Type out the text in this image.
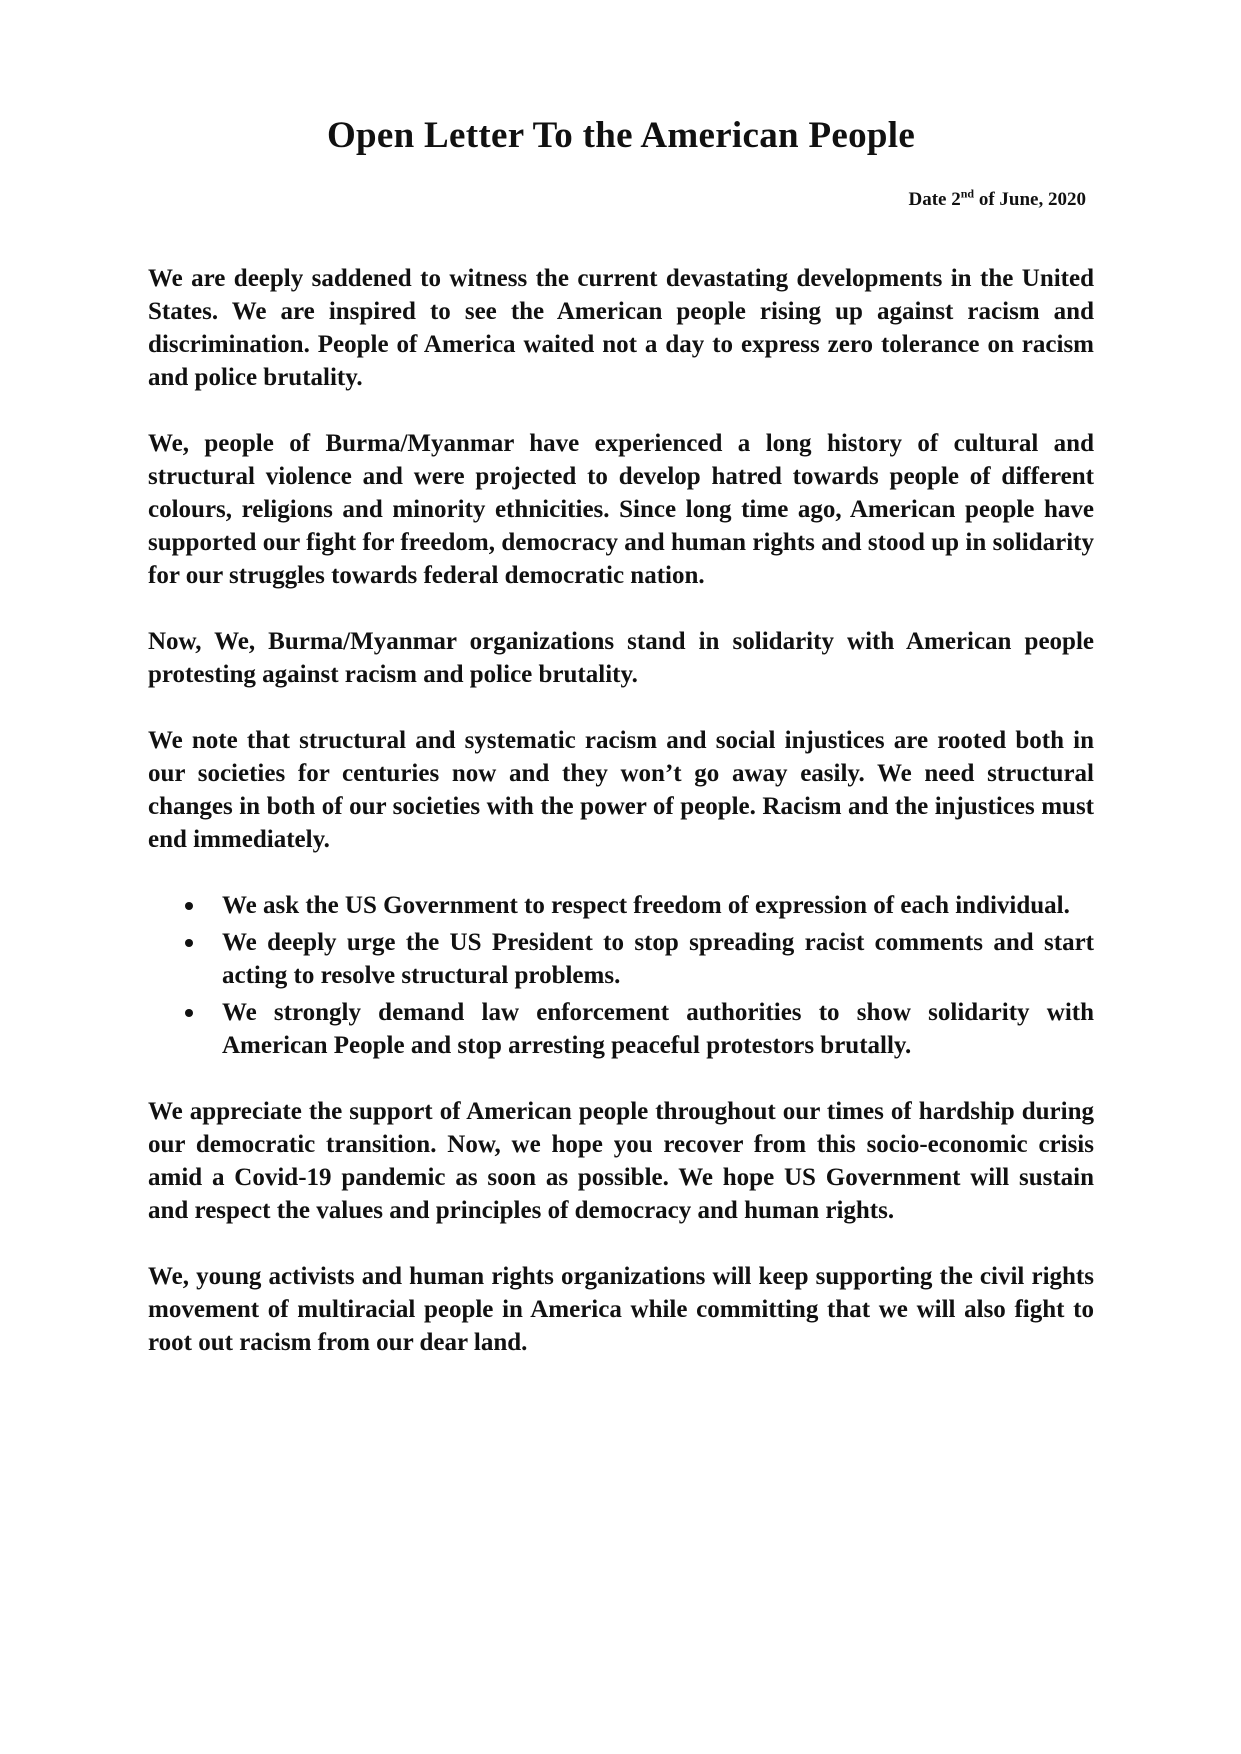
Open Letter To the American People
Date 2nd of June, 2020

We are deeply saddened to witness the current devastating developments in the United States. We are inspired to see the American people rising up against racism and discrimination. People of America waited not a day to express zero tolerance on racism and police brutality.

We, people of Burma/Myanmar have experienced a long history of cultural and structural violence and were projected to develop hatred towards people of different colours, religions and minority ethnicities. Since long time ago, American people have supported our fight for freedom, democracy and human rights and stood up in solidarity for our struggles towards federal democratic nation.

Now, We, Burma/Myanmar organizations stand in solidarity with American people protesting against racism and police brutality.

We note that structural and systematic racism and social injustices are rooted both in our societies for centuries now and they won’t go away easily. We need structural changes in both of our societies with the power of people. Racism and the injustices must end immediately.

We ask the US Government to respect freedom of expression of each individual.
We deeply urge the US President to stop spreading racist comments and start acting to resolve structural problems.
We strongly demand law enforcement authorities to show solidarity with American People and stop arresting peaceful protestors brutally.

We appreciate the support of American people throughout our times of hardship during our democratic transition. Now, we hope you recover from this socio-economic crisis amid a Covid-19 pandemic as soon as possible. We hope US Government will sustain and respect the values and principles of democracy and human rights.

We, young activists and human rights organizations will keep supporting the civil rights movement of multiracial people in America while committing that we will also fight to root out racism from our dear land.
